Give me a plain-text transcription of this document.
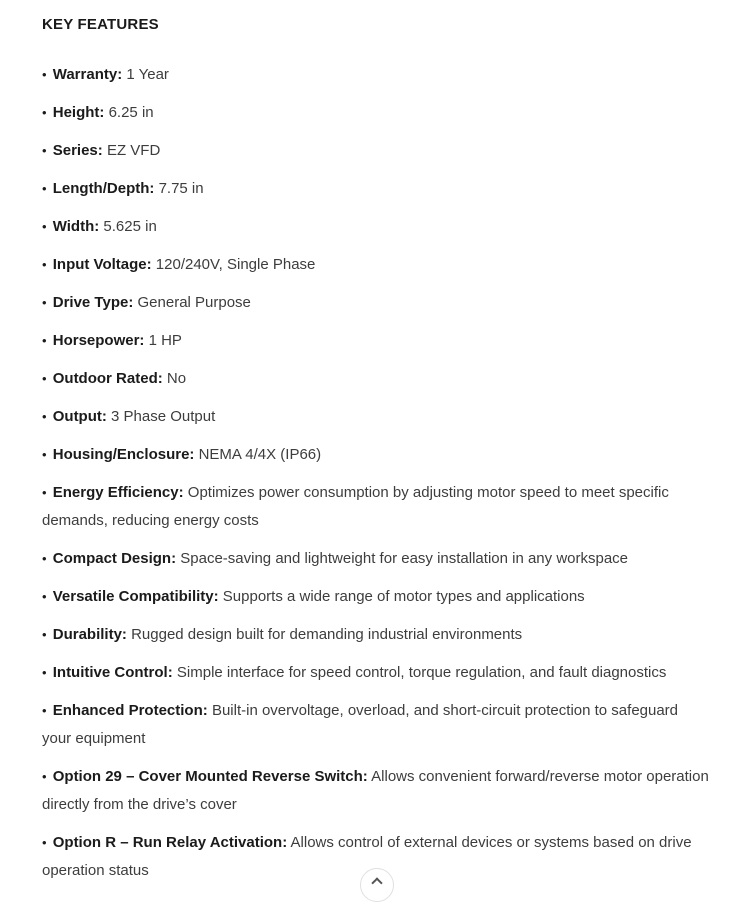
KEY FEATURES

• Warranty: 1 Year

• Height: 6.25 in

• Series: EZ VFD

• Length/Depth: 7.75 in

• Width: 5.625 in

• Input Voltage: 120/240V, Single Phase

• Drive Type: General Purpose

• Horsepower: 1 HP

• Outdoor Rated: No

• Output: 3 Phase Output

• Housing/Enclosure: NEMA 4/4X (IP66)

• Energy Efficiency: Optimizes power consumption by adjusting motor speed to meet specific demands, reducing energy costs

• Compact Design: Space-saving and lightweight for easy installation in any workspace

• Versatile Compatibility: Supports a wide range of motor types and applications

• Durability: Rugged design built for demanding industrial environments

• Intuitive Control: Simple interface for speed control, torque regulation, and fault diagnostics

• Enhanced Protection: Built-in overvoltage, overload, and short-circuit protection to safeguard your equipment

• Option 29 – Cover Mounted Reverse Switch: Allows convenient forward/reverse motor operation directly from the drive’s cover

• Option R – Run Relay Activation: Allows control of external devices or systems based on drive operation status
